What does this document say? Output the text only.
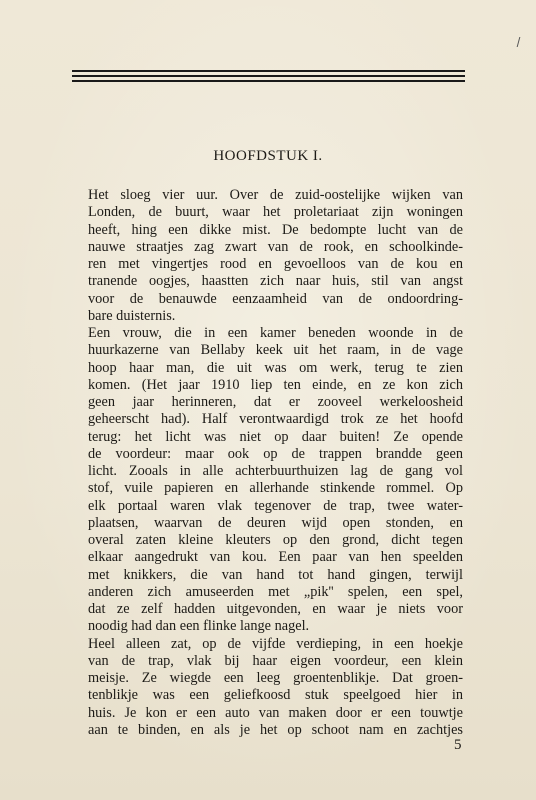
HOOFDSTUK I.
Het sloeg vier uur. Over de zuid-oostelijke wijken van
Londen, de buurt, waar het proletariaat zijn woningen
heeft, hing een dikke mist. De bedompte lucht van de
nauwe straatjes zag zwart van de rook, en schoolkinde-
ren met vingertjes rood en gevoelloos van de kou en
tranende oogjes, haastten zich naar huis, stil van angst
voor de benauwde eenzaamheid van de ondoordring-
bare duisternis.
Een vrouw, die in een kamer beneden woonde in de
huurkazerne van Bellaby keek uit het raam, in de vage
hoop haar man, die uit was om werk, terug te zien
komen. (Het jaar 1910 liep ten einde, en ze kon zich
geen jaar herinneren, dat er zooveel werkeloosheid
geheerscht had). Half verontwaardigd trok ze het hoofd
terug: het licht was niet op daar buiten! Ze opende
de voordeur: maar ook op de trappen brandde geen
licht. Zooals in alle achterbuurthuizen lag de gang vol
stof, vuile papieren en allerhande stinkende rommel. Op
elk portaal waren vlak tegenover de trap, twee water-
plaatsen, waarvan de deuren wijd open stonden, en
overal zaten kleine kleuters op den grond, dicht tegen
elkaar aangedrukt van kou. Een paar van hen speelden
met knikkers, die van hand tot hand gingen, terwijl
anderen zich amuseerden met „pik'' spelen, een spel,
dat ze zelf hadden uitgevonden, en waar je niets voor
noodig had dan een flinke lange nagel.
Heel alleen zat, op de vijfde verdieping, in een hoekje
van de trap, vlak bij haar eigen voordeur, een klein
meisje. Ze wiegde een leeg groentenblikje. Dat groen-
tenblikje was een geliefkoosd stuk speelgoed hier in
huis. Je kon er een auto van maken door er een touwtje
aan te binden, en als je het op schoot nam en zachtjes
5
